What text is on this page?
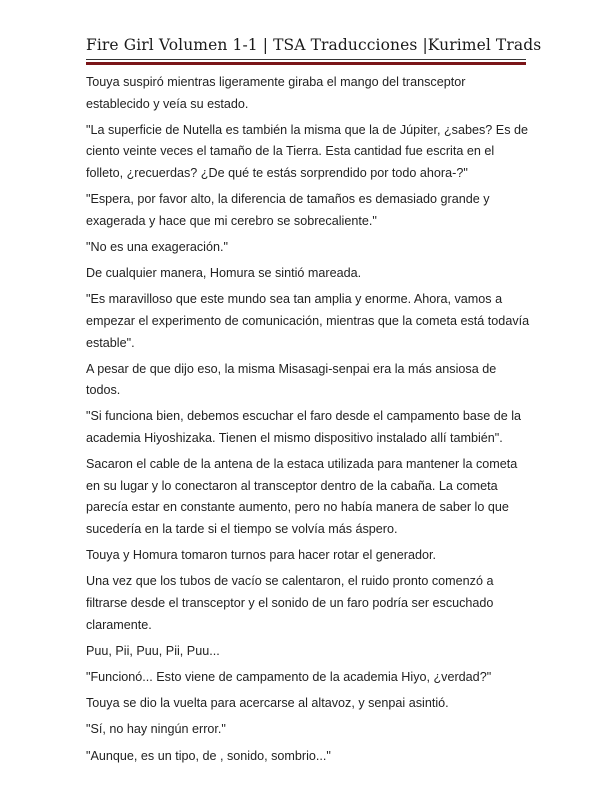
Fire Girl Volumen 1-1 | TSA Traducciones |Kurimel Trads

Touya suspiró mientras ligeramente giraba el mango del transceptor establecido y veía su estado.

"La superficie de Nutella es también la misma que la de Júpiter, ¿sabes? Es de ciento veinte veces el tamaño de la Tierra. Esta cantidad fue escrita en el folleto, ¿recuerdas? ¿De qué te estás sorprendido por todo ahora-?"

"Espera, por favor alto, la diferencia de tamaños es demasiado grande y exagerada y hace que mi cerebro se sobrecaliente."

"No es una exageración."

De cualquier manera, Homura se sintió mareada.

"Es maravilloso que este mundo sea tan amplia y enorme. Ahora, vamos a empezar el experimento de comunicación, mientras que la cometa está todavía estable".

A pesar de que dijo eso, la misma Misasagi-senpai era la más ansiosa de todos.

"Si funciona bien, debemos escuchar el faro desde el campamento base de la academia Hiyoshizaka. Tienen el mismo dispositivo instalado allí también".

Sacaron el cable de la antena de la estaca utilizada para mantener la cometa en su lugar y lo conectaron al transceptor dentro de la cabaña. La cometa parecía estar en constante aumento, pero no había manera de saber lo que sucedería en la tarde si el tiempo se volvía más áspero.

Touya y Homura tomaron turnos para hacer rotar el generador.

Una vez que los tubos de vacío se calentaron, el ruido pronto comenzó a filtrarse desde el transceptor y el sonido de un faro podría ser escuchado claramente.

Puu, Pii, Puu, Pii, Puu...

"Funcionó... Esto viene de campamento de la academia Hiyo, ¿verdad?"

Touya se dio la vuelta para acercarse al altavoz, y senpai asintió.

"Sí, no hay ningún error."

"Aunque, es un tipo, de , sonido, sombrio..."
